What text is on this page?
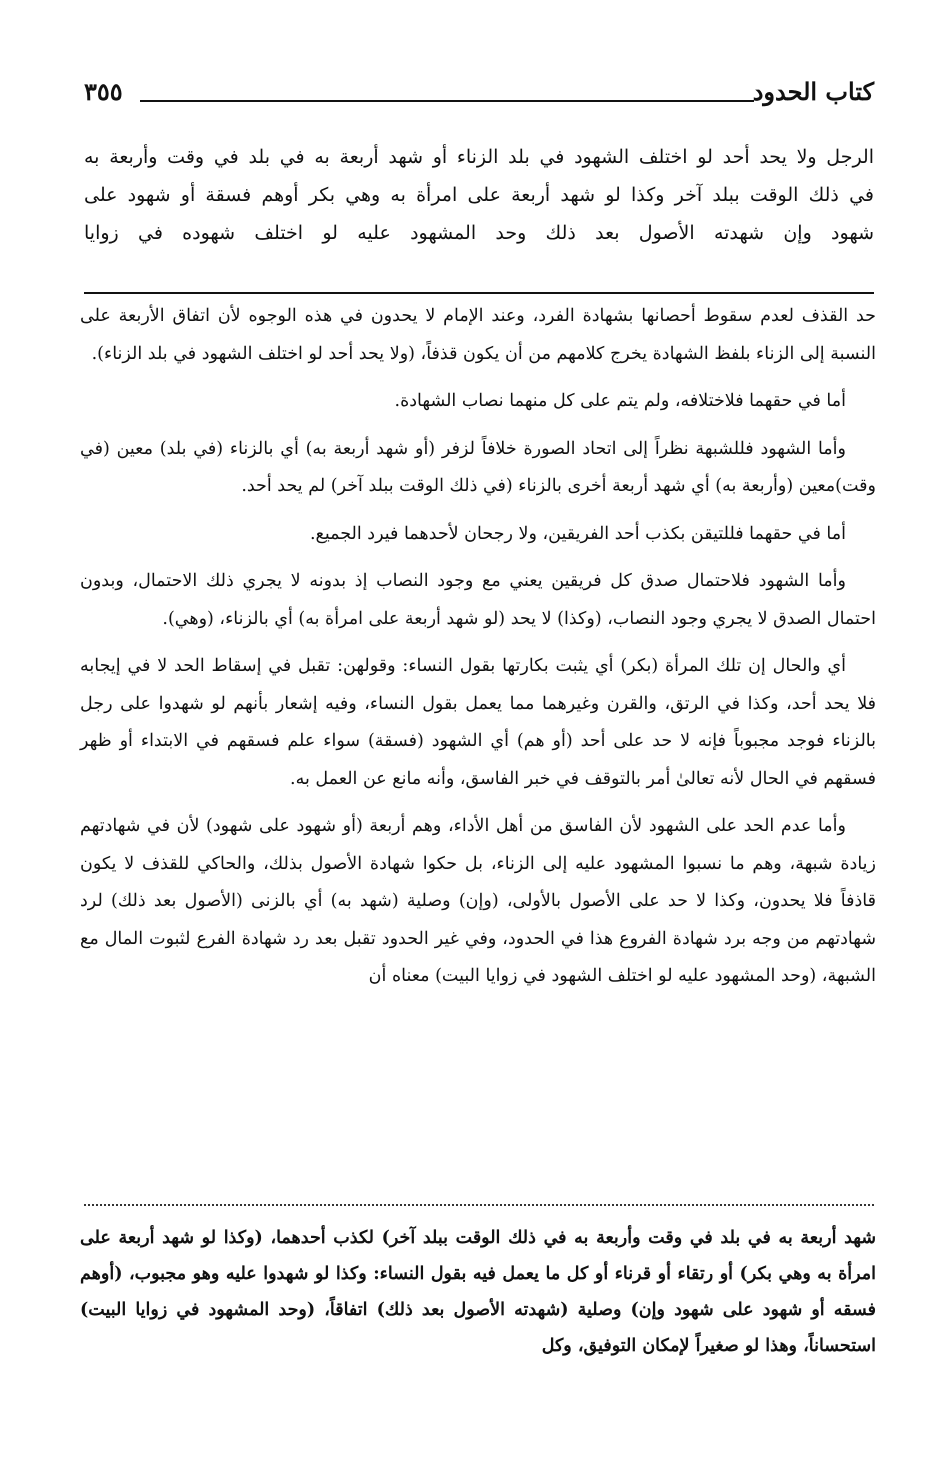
كتاب الحدود
٣٥٥

الرجل ولا يحد أحد لو اختلف الشهود في بلد الزناء أو شهد أربعة به في بلد في وقت وأربعة به

في ذلك الوقت ببلد آخر وكذا لو شهد أربعة على امرأة به وهي بكر أوهم فسقة أو شهود على

شهود وإن شهدته الأصول بعد ذلك وحد المشهود عليه لو اختلف شهوده في زوايا

حد القذف لعدم سقوط أحصانها بشهادة الفرد، وعند الإمام لا يحدون في هذه الوجوه لأن اتفاق الأربعة على النسبة إلى الزناء بلفظ الشهادة يخرج كلامهم من أن يكون قذفاً، (ولا يحد أحد لو اختلف الشهود في بلد الزناء).

أما في حقهما فلاختلافه، ولم يتم على كل منهما نصاب الشهادة.

وأما الشهود فللشبهة نظراً إلى اتحاد الصورة خلافاً لزفر (أو شهد أربعة به) أي بالزناء (في بلد) معين (في وقت)معين (وأربعة به) أي شهد أربعة أخرى بالزناء (في ذلك الوقت ببلد آخر) لم يحد أحد.

أما في حقهما فللتيقن بكذب أحد الفريقين، ولا رجحان لأحدهما فيرد الجميع.

وأما الشهود فلاحتمال صدق كل فريقين يعني مع وجود النصاب إذ بدونه لا يجري ذلك الاحتمال، وبدون احتمال الصدق لا يجري وجود النصاب، (وكذا) لا يحد (لو شهد أربعة على امرأة به) أي بالزناء، (وهي).

أي والحال إن تلك المرأة (بكر) أي يثبت بكارتها بقول النساء: وقولهن: تقبل في إسقاط الحد لا في إيجابه فلا يحد أحد، وكذا في الرتق، والقرن وغيرهما مما يعمل بقول النساء، وفيه إشعار بأنهم لو شهدوا على رجل بالزناء فوجد مجبوباً فإنه لا حد على أحد (أو هم) أي الشهود (فسقة) سواء علم فسقهم في الابتداء أو ظهر فسقهم في الحال لأنه تعالىٰ أمر بالتوقف في خبر الفاسق، وأنه مانع عن العمل به.

وأما عدم الحد على الشهود لأن الفاسق من أهل الأداء، وهم أربعة (أو شهود على شهود) لأن في شهادتهم زيادة شبهة، وهم ما نسبوا المشهود عليه إلى الزناء، بل حكوا شهادة الأصول بذلك، والحاكي للقذف لا يكون قاذفاً فلا يحدون، وكذا لا حد على الأصول بالأولى، (وإن) وصلية (شهد به) أي بالزنى (الأصول بعد ذلك) لرد شهادتهم من وجه برد شهادة الفروع هذا في الحدود، وفي غير الحدود تقبل بعد رد شهادة الفرع لثبوت المال مع الشبهة، (وحد المشهود عليه لو اختلف الشهود في زوايا البيت) معناه أن

شهد أربعة به في بلد في وقت وأربعة به في ذلك الوقت ببلد آخر) لكذب أحدهما، (وكذا لو شهد أربعة على امرأة به وهي بكر) أو رتقاء أو قرناء أو كل ما يعمل فيه بقول النساء: وكذا لو شهدوا عليه وهو مجبوب، (أوهم فسقه أو شهود على شهود وإن) وصلية (شهدته الأصول بعد ذلك) اتفاقاً، (وحد المشهود في زوايا البيت) استحساناً، وهذا لو صغيراً لإمكان التوفيق، وكل
